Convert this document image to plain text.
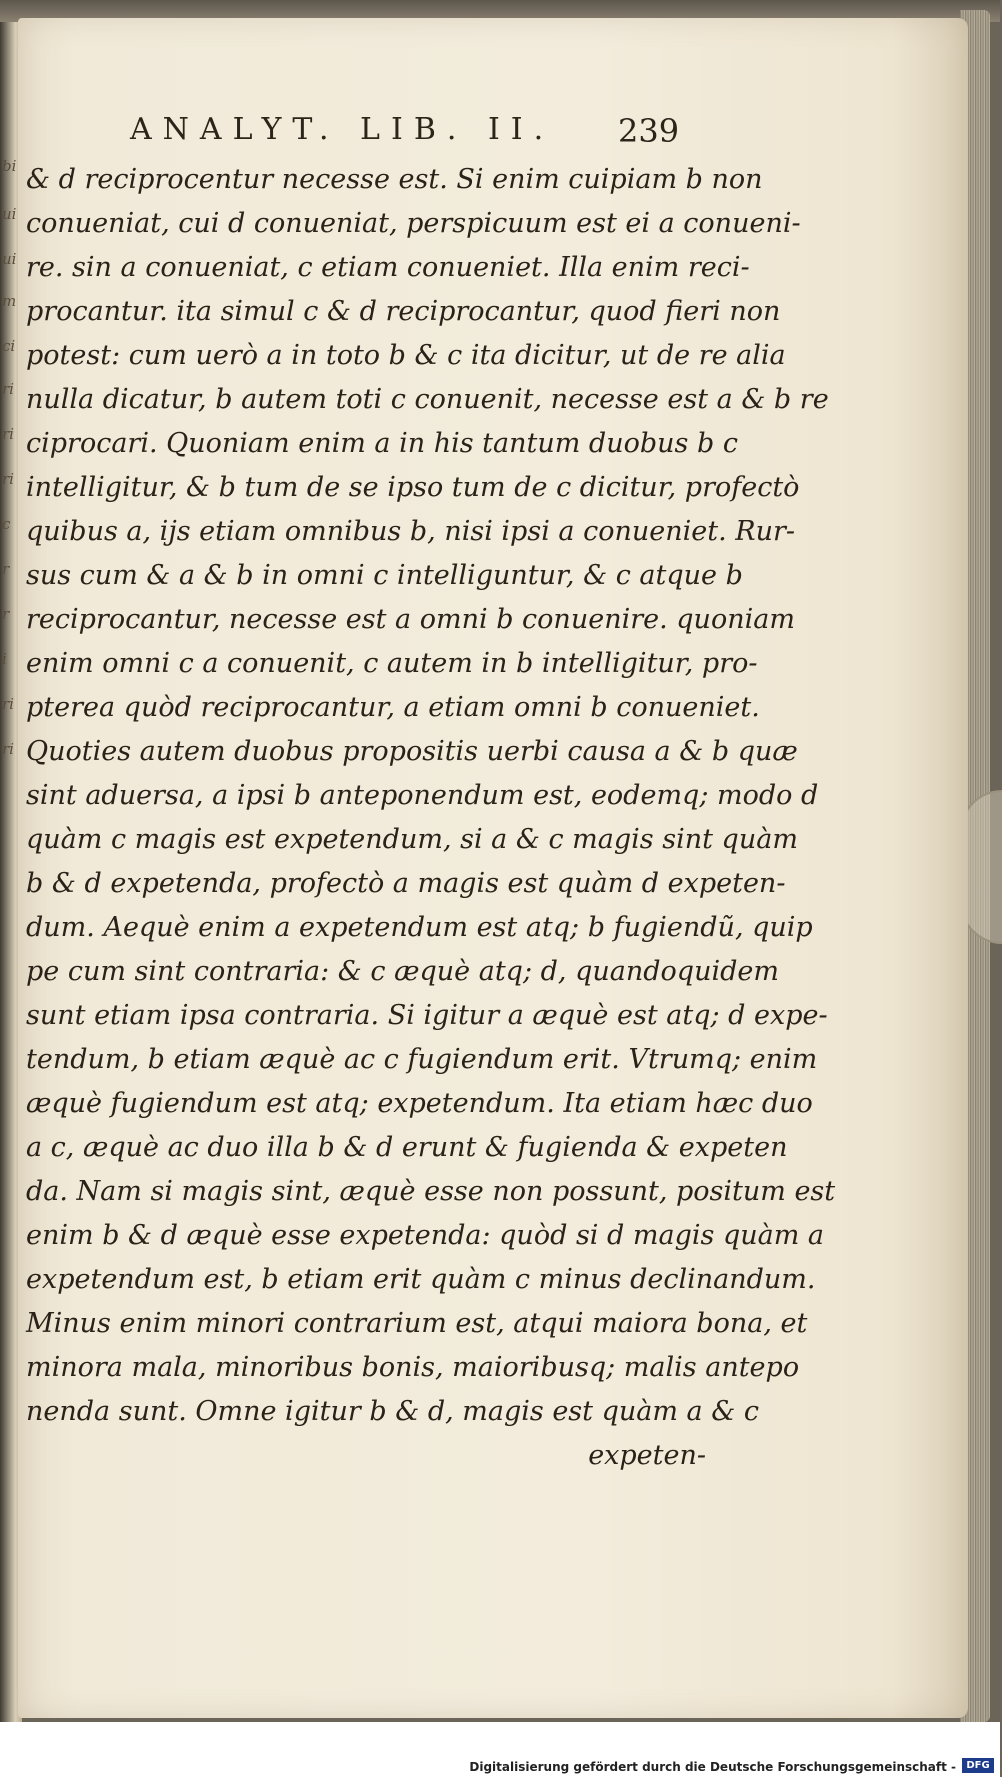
bi
ui
ui
m
ci
ri
ri
ri
c
r
r
i
ri
ri
ANALYT. LIB. II. 239
& d reciprocentur necesse est. Si enim cuipiam b non
conueniat, cui d conueniat, perspicuum est ei a conueni-
re. sin a conueniat, c etiam conueniet. Illa enim reci-
procantur. ita simul c & d reciprocantur, quod fieri non
potest: cum uerò a in toto b & c ita dicitur, ut de re alia
nulla dicatur, b autem toti c conuenit, necesse est a & b re
ciprocari. Quoniam enim a in his tantum duobus b c
intelligitur, & b tum de se ipso tum de c dicitur, profectò
quibus a, ijs etiam omnibus b, nisi ipsi a conueniet. Rur-
sus cum & a & b in omni c intelliguntur, & c atque b
reciprocantur, necesse est a omni b conuenire. quoniam
enim omni c a conuenit, c autem in b intelligitur, pro-
pterea quòd reciprocantur, a etiam omni b conueniet.
Quoties autem duobus propositis uerbi causa a & b quæ
sint aduersa, a ipsi b anteponendum est, eodemq; modo d
quàm c magis est expetendum, si a & c magis sint quàm
b & d expetenda, profectò a magis est quàm d expeten-
dum. Aequè enim a expetendum est atq; b fugiendũ, quip
pe cum sint contraria: & c æquè atq; d, quandoquidem
sunt etiam ipsa contraria. Si igitur a æquè est atq; d expe-
tendum, b etiam æquè ac c fugiendum erit. Vtrumq; enim
æquè fugiendum est atq; expetendum. Ita etiam hæc duo
a c, æquè ac duo illa b & d erunt & fugienda & expeten
da. Nam si magis sint, æquè esse non possunt, positum est
enim b & d æquè esse expetenda: quòd si d magis quàm a
expetendum est, b etiam erit quàm c minus declinandum.
Minus enim minori contrarium est, atqui maiora bona, et
minora mala, minoribus bonis, maioribusq; malis antepo
nenda sunt. Omne igitur b & d, magis est quàm a & c
expeten-
Digitalisierung gefördert durch die Deutsche Forschungsgemeinschaft -	DFG
